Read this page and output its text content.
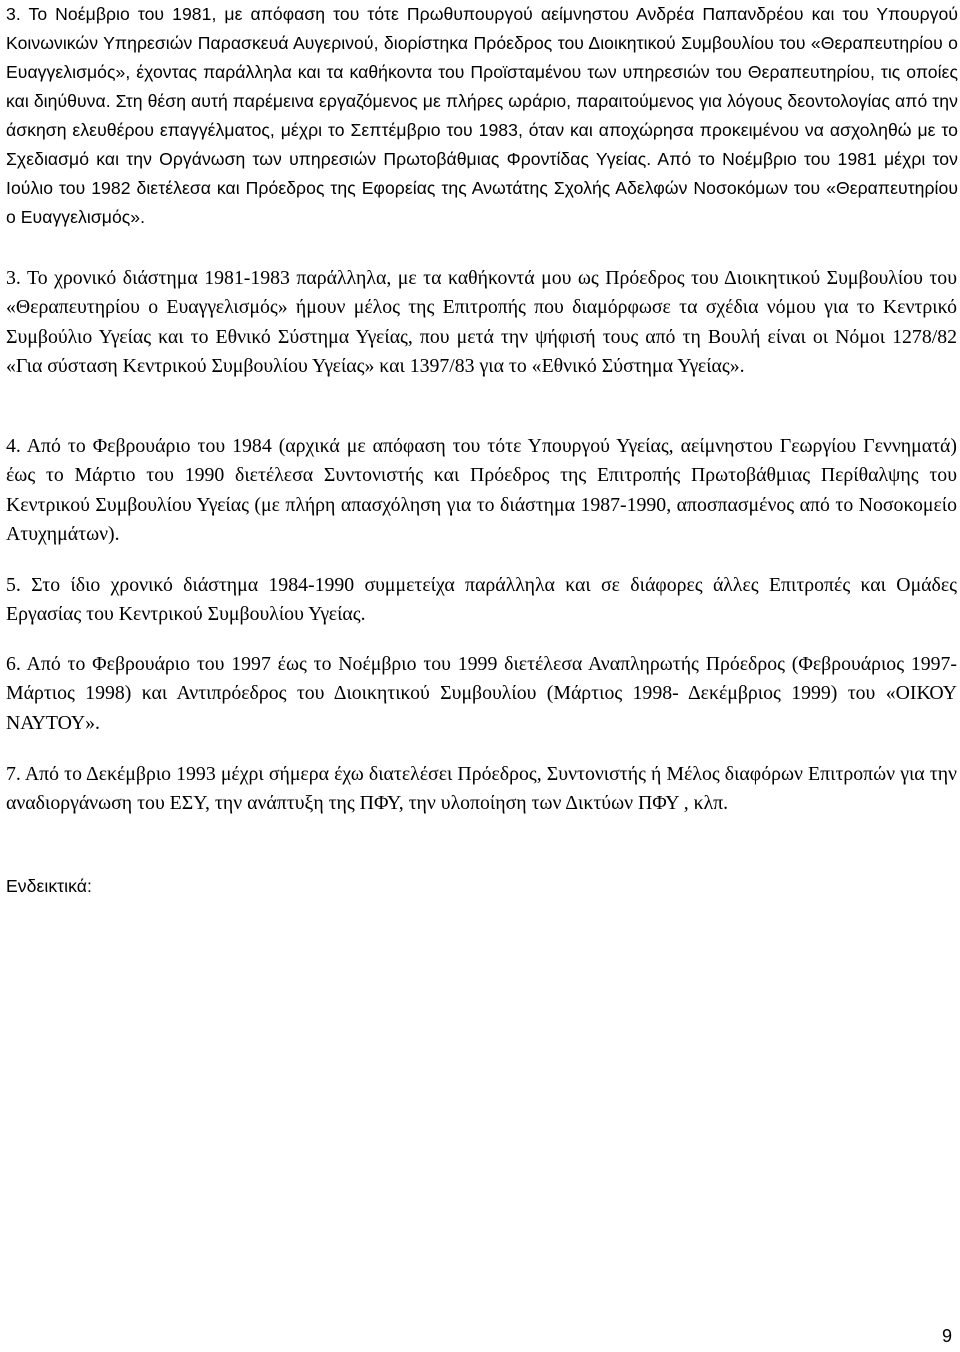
3. Το Νοέμβριο του 1981, με απόφαση του τότε Πρωθυπουργού αείμνηστου Ανδρέα Παπανδρέου και του Υπουργού Κοινωνικών Υπηρεσιών Παρασκευά Αυγερινού, διορίστηκα Πρόεδρος του Διοικητικού Συμβουλίου του «Θεραπευτηρίου ο Ευαγγελισμός», έχοντας παράλληλα και τα καθήκοντα του Προϊσταμένου των υπηρεσιών του Θεραπευτηρίου, τις οποίες και διηύθυνα. Στη θέση αυτή παρέμεινα εργαζόμενος με πλήρες ωράριο, παραιτούμενος για λόγους δεοντολογίας από την άσκηση ελευθέρου επαγγέλματος, μέχρι το Σεπτέμβριο του 1983, όταν και αποχώρησα προκειμένου να ασχοληθώ με το Σχεδιασμό και την Οργάνωση των υπηρεσιών Πρωτοβάθμιας Φροντίδας Υγείας. Από το Νοέμβριο του 1981 μέχρι τον Ιούλιο του 1982 διετέλεσα και Πρόεδρος της Εφορείας της Ανωτάτης Σχολής Αδελφών Νοσοκόμων του «Θεραπευτηρίου ο Ευαγγελισμός».

3. Το χρονικό διάστημα 1981-1983 παράλληλα, με τα καθήκοντά μου ως Πρόεδρος του Διοικητικού Συμβουλίου του «Θεραπευτηρίου ο Ευαγγελισμός» ήμουν μέλος της Επιτροπής που διαμόρφωσε τα σχέδια νόμου για το Κεντρικό Συμβούλιο Υγείας και το Εθνικό Σύστημα Υγείας, που μετά την ψήφισή τους από τη Βουλή είναι οι Νόμοι 1278/82 «Για σύσταση Κεντρικού Συμβουλίου Υγείας» και 1397/83 για το «Εθνικό Σύστημα Υγείας».

4. Από το Φεβρουάριο του 1984 (αρχικά με απόφαση του τότε Υπουργού Υγείας, αείμνηστου Γεωργίου Γεννηματά) έως το Μάρτιο του 1990 διετέλεσα Συντονιστής και Πρόεδρος της Επιτροπής Πρωτοβάθμιας Περίθαλψης του Κεντρικού Συμβουλίου Υγείας (με πλήρη απασχόληση για το διάστημα 1987-1990, αποσπασμένος από το Νοσοκομείο Ατυχημάτων).

5. Στο ίδιο χρονικό διάστημα 1984-1990 συμμετείχα παράλληλα και σε διάφορες άλλες Επιτροπές και Ομάδες Εργασίας του Κεντρικού Συμβουλίου Υγείας.

6. Από το Φεβρουάριο του 1997 έως το Νοέμβριο του 1999 διετέλεσα Αναπληρωτής Πρόεδρος (Φεβρουάριος 1997-Μάρτιος 1998) και Αντιπρόεδρος του Διοικητικού Συμβουλίου (Μάρτιος 1998- Δεκέμβριος 1999) του «ΟΙΚΟΥ ΝΑΥΤΟΥ».

7. Από το Δεκέμβριο 1993 μέχρι σήμερα έχω διατελέσει Πρόεδρος, Συντονιστής ή Μέλος διαφόρων Επιτροπών για την αναδιοργάνωση του ΕΣΥ, την ανάπτυξη της ΠΦΥ, την υλοποίηση των Δικτύων ΠΦΥ , κλπ.

Ενδεικτικά:

9
